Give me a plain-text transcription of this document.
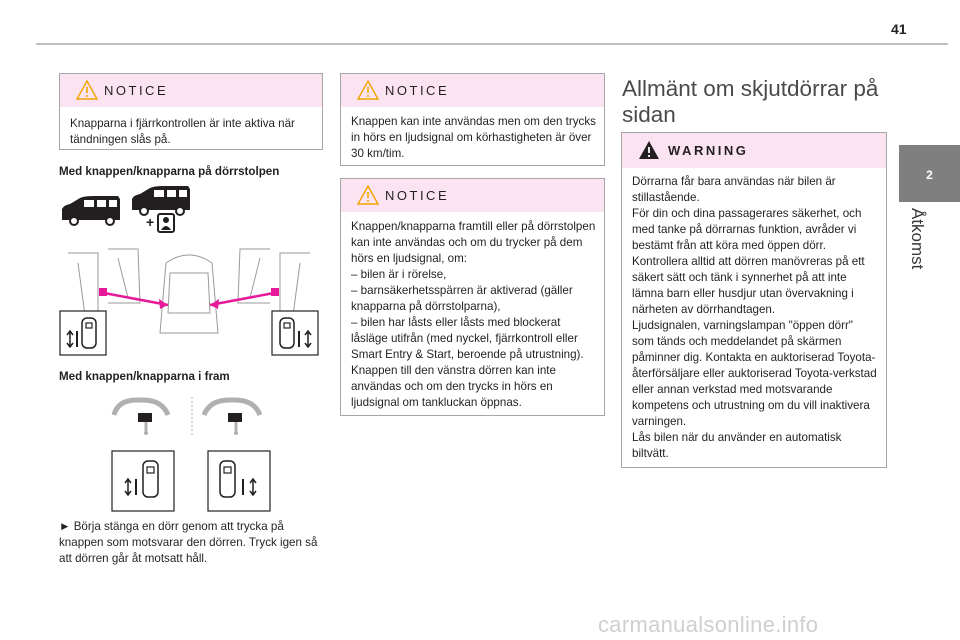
41
2
Åtkomst
NOTICE

Knapparna i fjärrkontrollen är inte aktiva när tändningen slås på.

Med knappen/knapparna på dörrstolpen
+
Med knappen/knapparna i fram

► Börja stänga en dörr genom att trycka på knappen som motsvarar den dörren. Tryck igen så att dörren går åt motsatt håll.

NOTICE

Knappen kan inte användas men om den trycks in hörs en ljudsignal om körhastigheten är över 30 km/tim.

NOTICE

Knappen/knapparna framtill eller på dörrstolpen kan inte användas och om du trycker på dem hörs en ljudsignal, om:

– bilen är i rörelse,

– barnsäkerhetsspärren är aktiverad (gäller knapparna på dörrstolparna),

– bilen har låsts eller låsts med blockerat låsläge utifrån (med nyckel, fjärrkontroll eller Smart Entry & Start, beroende på utrustning).

Knappen till den vänstra dörren kan inte användas och om den trycks in hörs en ljudsignal om tankluckan öppnas.

Allmänt om skjutdörrar på sidan
WARNING

Dörrarna får bara användas när bilen är stillastående.

För din och dina passagerares säkerhet, och med tanke på dörrarnas funktion, avråder vi bestämt från att köra med öppen dörr.

Kontrollera alltid att dörren manövreras på ett säkert sätt och tänk i synnerhet på att inte lämna barn eller husdjur utan övervakning i närheten av dörrhandtagen.

Ljudsignalen, varningslampan "öppen dörr" som tänds och meddelandet på skärmen påminner dig. Kontakta en auktoriserad Toyota-återförsäljare eller auktoriserad Toyota-verkstad eller annan verkstad med motsvarande kompetens och utrustning om du vill inaktivera varningen.

Lås bilen när du använder en automatisk biltvätt.

carmanualsonline.info
